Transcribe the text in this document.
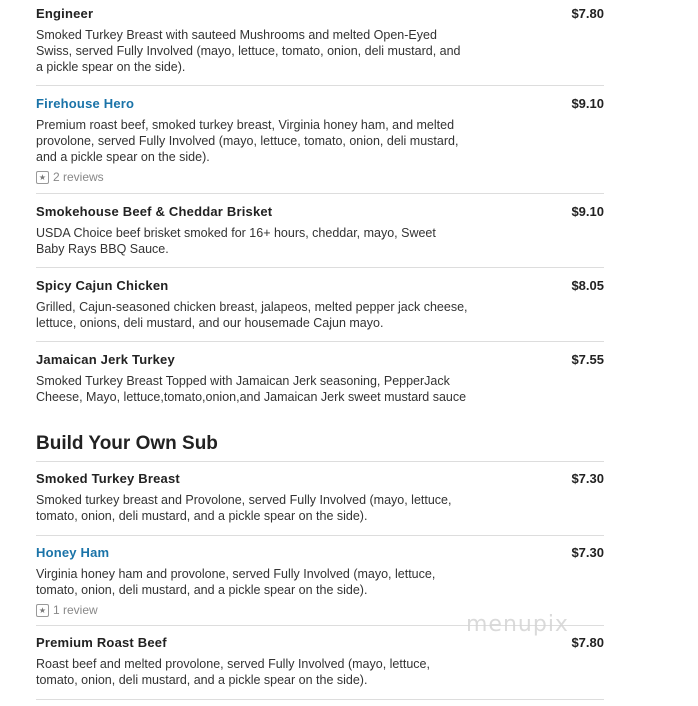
Engineer	$7.80
Smoked Turkey Breast with sauteed Mushrooms and melted Open-Eyed
Swiss, served Fully Involved (mayo, lettuce, tomato, onion, deli mustard, and
a pickle spear on the side).
Firehouse Hero	$9.10
Premium roast beef, smoked turkey breast, Virginia honey ham, and melted
provolone, served Fully Involved (mayo, lettuce, tomato, onion, deli mustard,
and a pickle spear on the side).
★ 2 reviews
Smokehouse Beef & Cheddar Brisket	$9.10
USDA Choice beef brisket smoked for 16+ hours, cheddar, mayo, Sweet
Baby Rays BBQ Sauce.
Spicy Cajun Chicken	$8.05
Grilled, Cajun-seasoned chicken breast, jalapeos, melted pepper jack cheese,
lettuce, onions, deli mustard, and our housemade Cajun mayo.
Jamaican Jerk Turkey	$7.55
Smoked Turkey Breast Topped with Jamaican Jerk seasoning, PepperJack
Cheese, Mayo, lettuce,tomato,onion,and Jamaican Jerk sweet mustard sauce
Build Your Own Sub
Smoked Turkey Breast	$7.30
Smoked turkey breast and Provolone, served Fully Involved (mayo, lettuce,
tomato, onion, deli mustard, and a pickle spear on the side).
Honey Ham	$7.30
Virginia honey ham and provolone, served Fully Involved (mayo, lettuce,
tomato, onion, deli mustard, and a pickle spear on the side).
★ 1 review
Premium Roast Beef	$7.80
Roast beef and melted provolone, served Fully Involved (mayo, lettuce,
tomato, onion, deli mustard, and a pickle spear on the side).
menupix
